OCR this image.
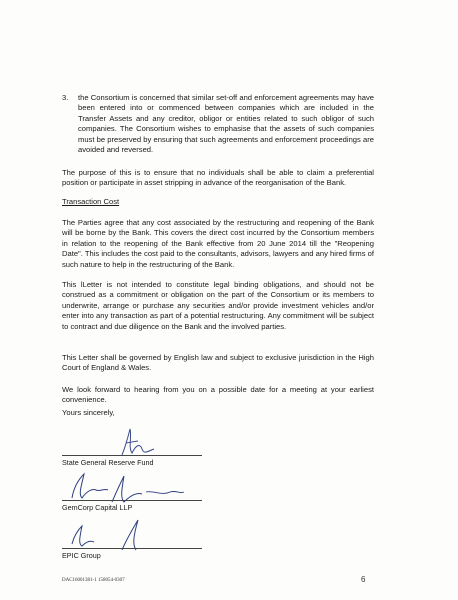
3.	the Consortium is concerned that similar set-off and enforcement agreements may have been entered into or commenced between companies which are included in the Transfer Assets and any creditor, obligor or entities related to such obligor of such companies. The Consortium wishes to emphasise that the assets of such companies must be preserved by ensuring that such agreements and enforcement proceedings are avoided and reversed.

The purpose of this is to ensure that no individuals shall be able to claim a preferential position or participate in asset stripping in advance of the reorganisation of the Bank.

Transaction Cost

The Parties agree that any cost associated by the restructuring and reopening of the Bank will be borne by the Bank. This covers the direct cost incurred by the Consortium members in relation to the reopening of the Bank effective from 20 June 2014 till the "Reopening Date". This includes the cost paid to the consultants, advisors, lawyers and any hired firms of such nature to help in the restructuring of the Bank.

This lLetter is not intended to constitute legal binding obligations, and should not be construed as a commitment or obligation on the part of the Consortium or its members to underwrite, arrange or purchase any securities and/or provide investment vehicles and/or enter into any transaction as part of a potential restructuring. Any commitment will be subject to contract and due diligence on the Bank and the involved parties.

This Letter shall be governed by English law and subject to exclusive jurisdiction in the High Court of England & Wales.

We look forward to hearing from you on a possible date for a meeting at your earliest convenience.

Yours sincerely,

State General Reserve Fund
GemCorp Capital LLP
EPIC Group
DAC16001381-1 158054-0307	6
